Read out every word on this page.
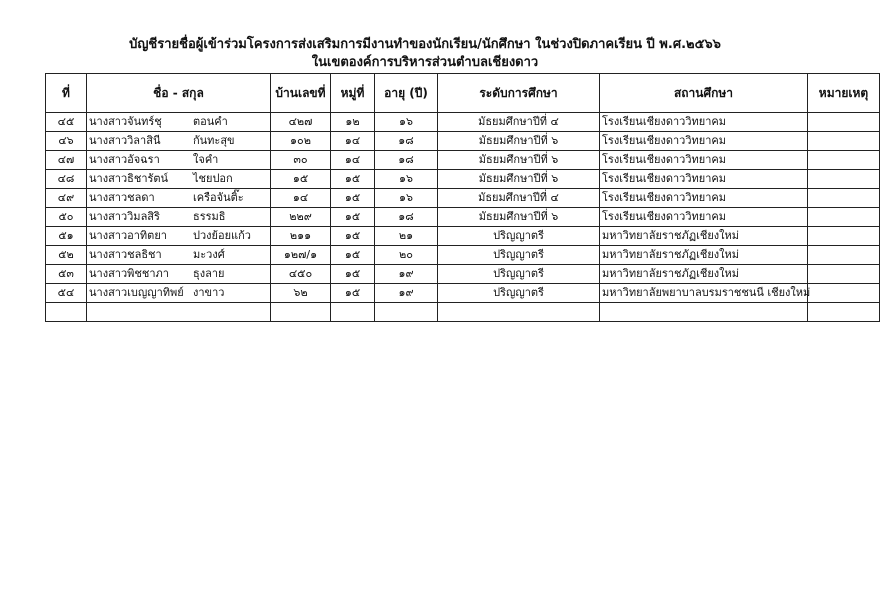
บัญชีรายชื่อผู้เข้าร่วมโครงการส่งเสริมการมีงานทำของนักเรียน/นักศึกษา ในช่วงปิดภาคเรียน ปี พ.ศ.๒๕๖๖
ในเขตองค์การบริหารส่วนตำบลเชียงดาว
ที่	ชื่อ - สกุล	บ้านเลขที่	หมู่ที่	อายุ (ปี)	ระดับการศึกษา	สถานศึกษา	หมายเหตุ
๔๕	นางสาวจันทร์ชุ ตอนคำ	๔๒๗	๑๒	๑๖	มัธยมศึกษาปีที่ ๔	โรงเรียนเชียงดาววิทยาคม	
๔๖	นางสาววิลาสินี กันทะสุข	๑๐๒	๑๔	๑๘	มัธยมศึกษาปีที่ ๖	โรงเรียนเชียงดาววิทยาคม	
๔๗	นางสาวอัจฉรา ใจคำ	๓๐	๑๔	๑๘	มัธยมศึกษาปีที่ ๖	โรงเรียนเชียงดาววิทยาคม	
๔๘	นางสาวธิชารัตน์ ไชยปอก	๑๕	๑๕	๑๖	มัธยมศึกษาปีที่ ๖	โรงเรียนเชียงดาววิทยาคม	
๔๙	นางสาวชลดา เครือจันติ๊ะ	๑๔	๑๕	๑๖	มัธยมศึกษาปีที่ ๔	โรงเรียนเชียงดาววิทยาคม	
๕๐	นางสาววิมลสิริ ธรรมธิ	๒๒๙	๑๕	๑๘	มัธยมศึกษาปีที่ ๖	โรงเรียนเชียงดาววิทยาคม	
๕๑	นางสาวอาทิตยา ปวงย้อยแก้ว	๒๑๑	๑๕	๒๑	ปริญญาตรี	มหาวิทยาลัยราชภัฏเชียงใหม่	
๕๒	นางสาวชลธิชา มะวงศ์	๑๒๗/๑	๑๕	๒๐	ปริญญาตรี	มหาวิทยาลัยราชภัฏเชียงใหม่	
๕๓	นางสาวพิชชาภา ธุงลาย	๔๕๐	๑๕	๑๙	ปริญญาตรี	มหาวิทยาลัยราชภัฏเชียงใหม่	
๕๔	นางสาวเบญญาทิพย์ งาขาว	๖๒	๑๕	๑๙	ปริญญาตรี	มหาวิทยาลัยพยาบาลบรมราชชนนี เชียงใหม่	
